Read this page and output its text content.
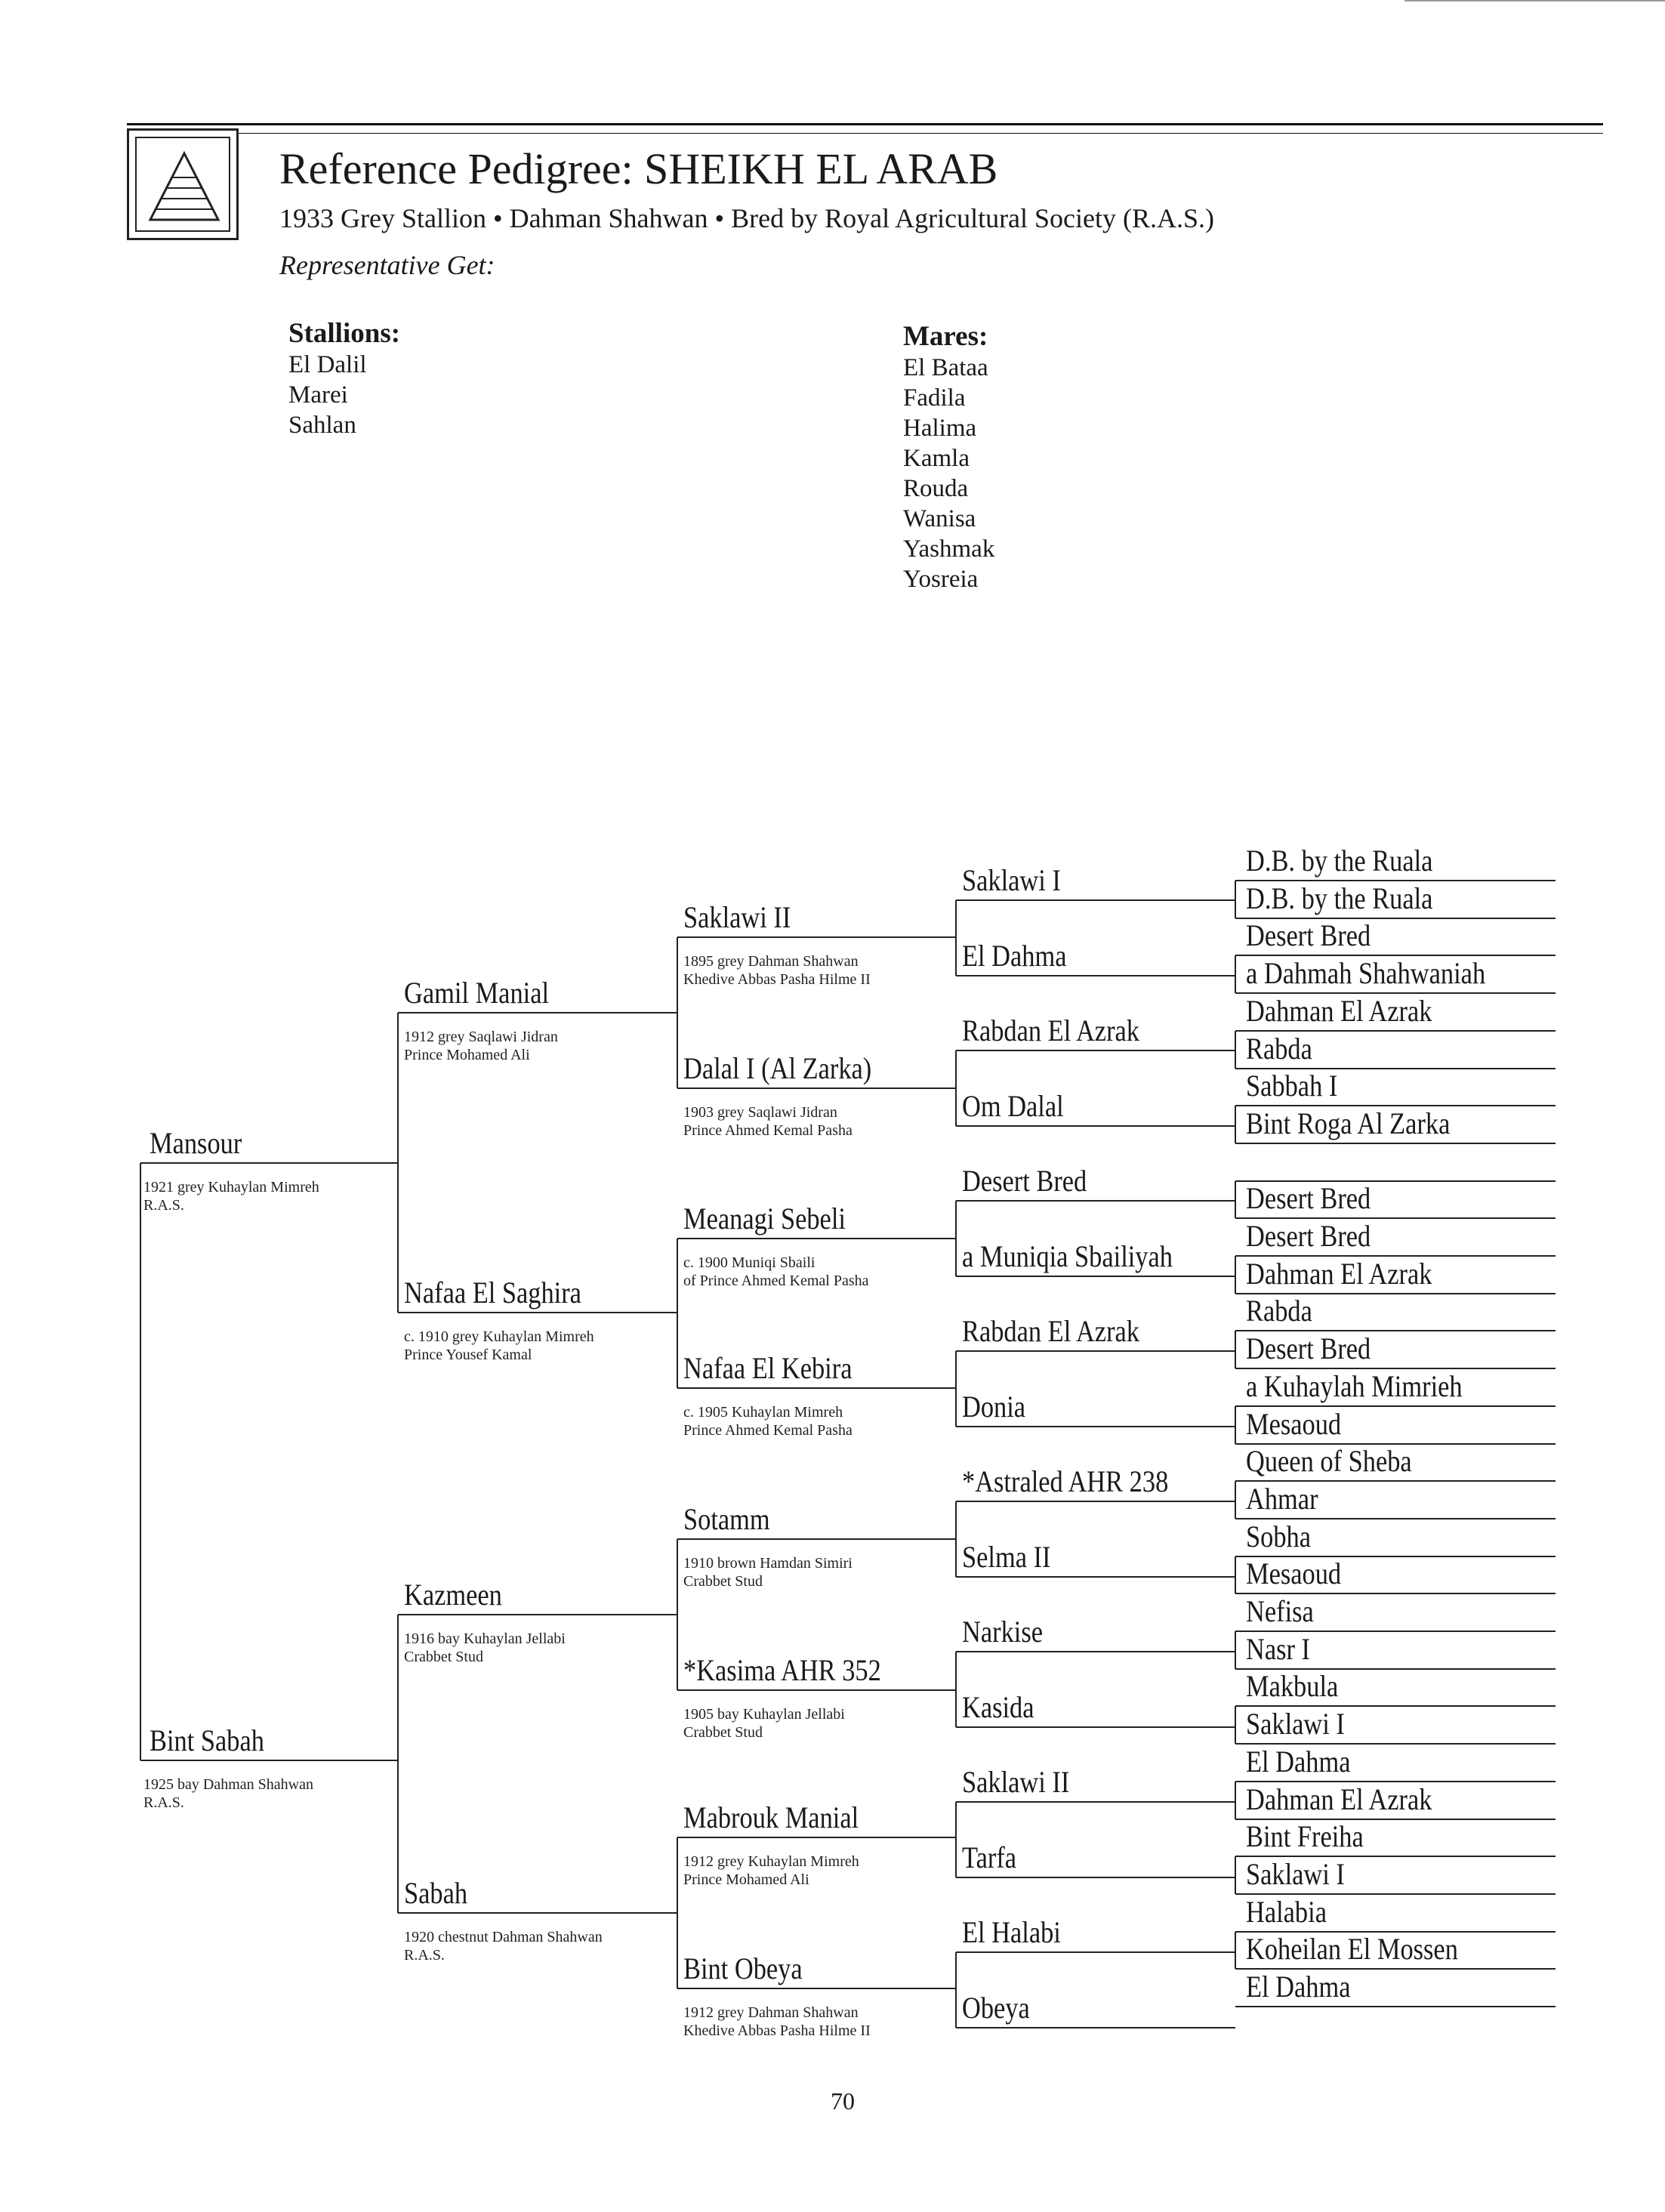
Reference Pedigree: SHEIKH EL ARAB
1933 Grey Stallion • Dahman Shahwan • Bred by Royal Agricultural Society (R.A.S.)
Representative Get:
Stallions:
El Dalil
Marei
Sahlan
Mares:
El Bataa
Fadila
Halima
Kamla
Rouda
Wanisa
Yashmak
Yosreia
Mansour
1921 grey Kuhaylan Mimreh
R.A.S.
Bint Sabah
1925 bay Dahman Shahwan
R.A.S.
Gamil Manial
1912 grey Saqlawi Jidran
Prince Mohamed Ali
Nafaa El Saghira
c. 1910 grey Kuhaylan Mimreh
Prince Yousef Kamal
Kazmeen
1916 bay Kuhaylan Jellabi
Crabbet Stud
Sabah
1920 chestnut Dahman Shahwan
R.A.S.
Saklawi II
1895 grey Dahman Shahwan
Khedive Abbas Pasha Hilme II
Dalal I (Al Zarka)
1903 grey Saqlawi Jidran
Prince Ahmed Kemal Pasha
Meanagi Sebeli
c. 1900 Muniqi Sbaili
of Prince Ahmed Kemal Pasha
Nafaa El Kebira
c. 1905 Kuhaylan Mimreh
Prince Ahmed Kemal Pasha
Sotamm
1910 brown Hamdan Simiri
Crabbet Stud
*Kasima AHR 352
1905 bay Kuhaylan Jellabi
Crabbet Stud
Mabrouk Manial
1912 grey Kuhaylan Mimreh
Prince Mohamed Ali
Bint Obeya
1912 grey Dahman Shahwan
Khedive Abbas Pasha Hilme II
Saklawi I
El Dahma
Rabdan El Azrak
Om Dalal
Desert Bred
a Muniqia Sbailiyah
Rabdan El Azrak
Donia
*Astraled AHR 238
Selma II
Narkise
Kasida
Saklawi II
Tarfa
El Halabi
Obeya
D.B. by the Ruala
D.B. by the Ruala
Desert Bred
a Dahmah Shahwaniah
Dahman El Azrak
Rabda
Sabbah I
Bint Roga Al Zarka
Desert Bred
Desert Bred
Dahman El Azrak
Rabda
Desert Bred
a Kuhaylah Mimrieh
Mesaoud
Queen of Sheba
Ahmar
Sobha
Mesaoud
Nefisa
Nasr I
Makbula
Saklawi I
El Dahma
Dahman El Azrak
Bint Freiha
Saklawi I
Halabia
Koheilan El Mossen
El Dahma
70
